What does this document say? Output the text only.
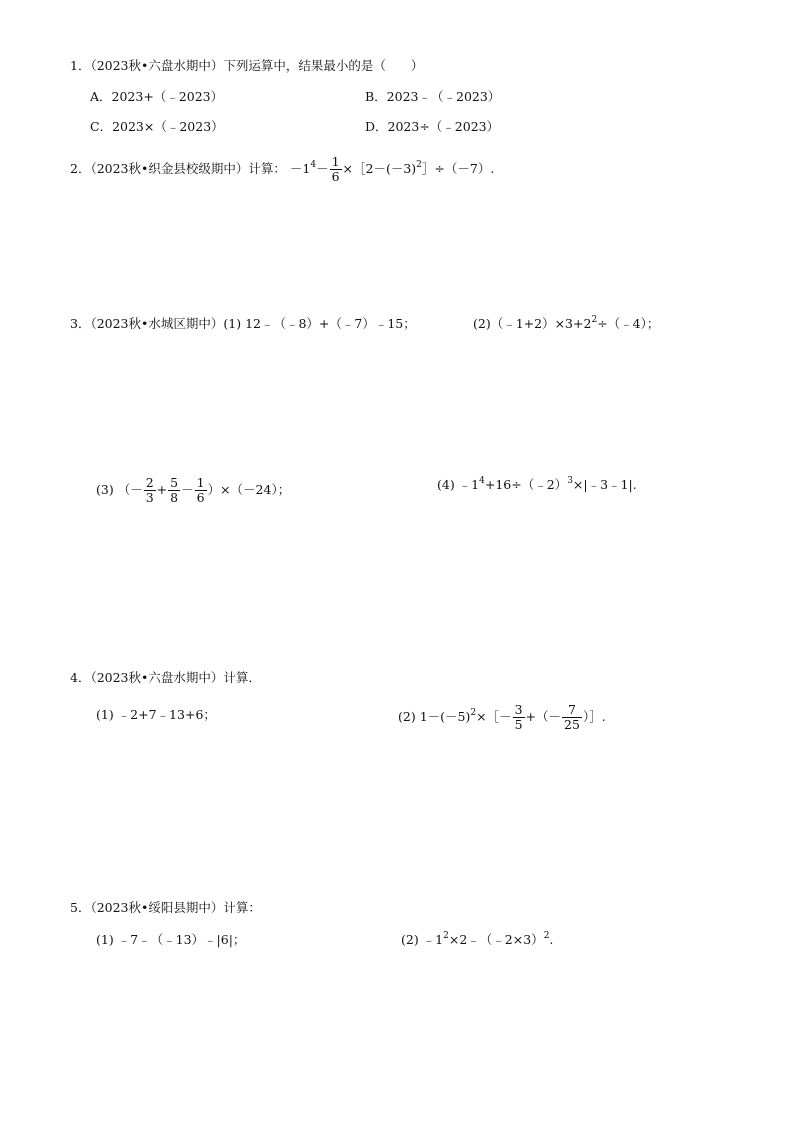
1．（2023秋•六盘水期中）下列运算中，结果最小的是（　　）
A．2023+（﹣2023）	B．2023﹣（﹣2023）
C．2023×（﹣2023）	D．2023÷（﹣2023）
2．（2023秋•织金县校级期中）计算： $-1^4- \frac{1}{6}$ $\times[2-(-3)^2]\div(-7)$.
3．（2023秋•水城区期中）(1) 12﹣（﹣8）+（﹣7）﹣15；	$(2)(﹣1+2)\times 3+2^2\div(﹣4)$；
(3) （－ $\frac{2}{3} + \frac{5}{8} - \frac{1}{6} )\times(-24)$；	(4) $﹣1^4+16\div(﹣2)^3\times|﹣3﹣1|$.
4．（2023秋•六盘水期中）计算．
(1) ﹣2+7﹣13+6；	(2) $1-(-5)^2\times[- \frac{3}{5}$ +（－ $\frac{7}{25}$ ）］.
5．（2023秋•绥阳县期中）计算：
(1) ﹣7﹣（﹣13）﹣|6|；	(2) $﹣1^2\times 2﹣(﹣2\times 3)^2$.
